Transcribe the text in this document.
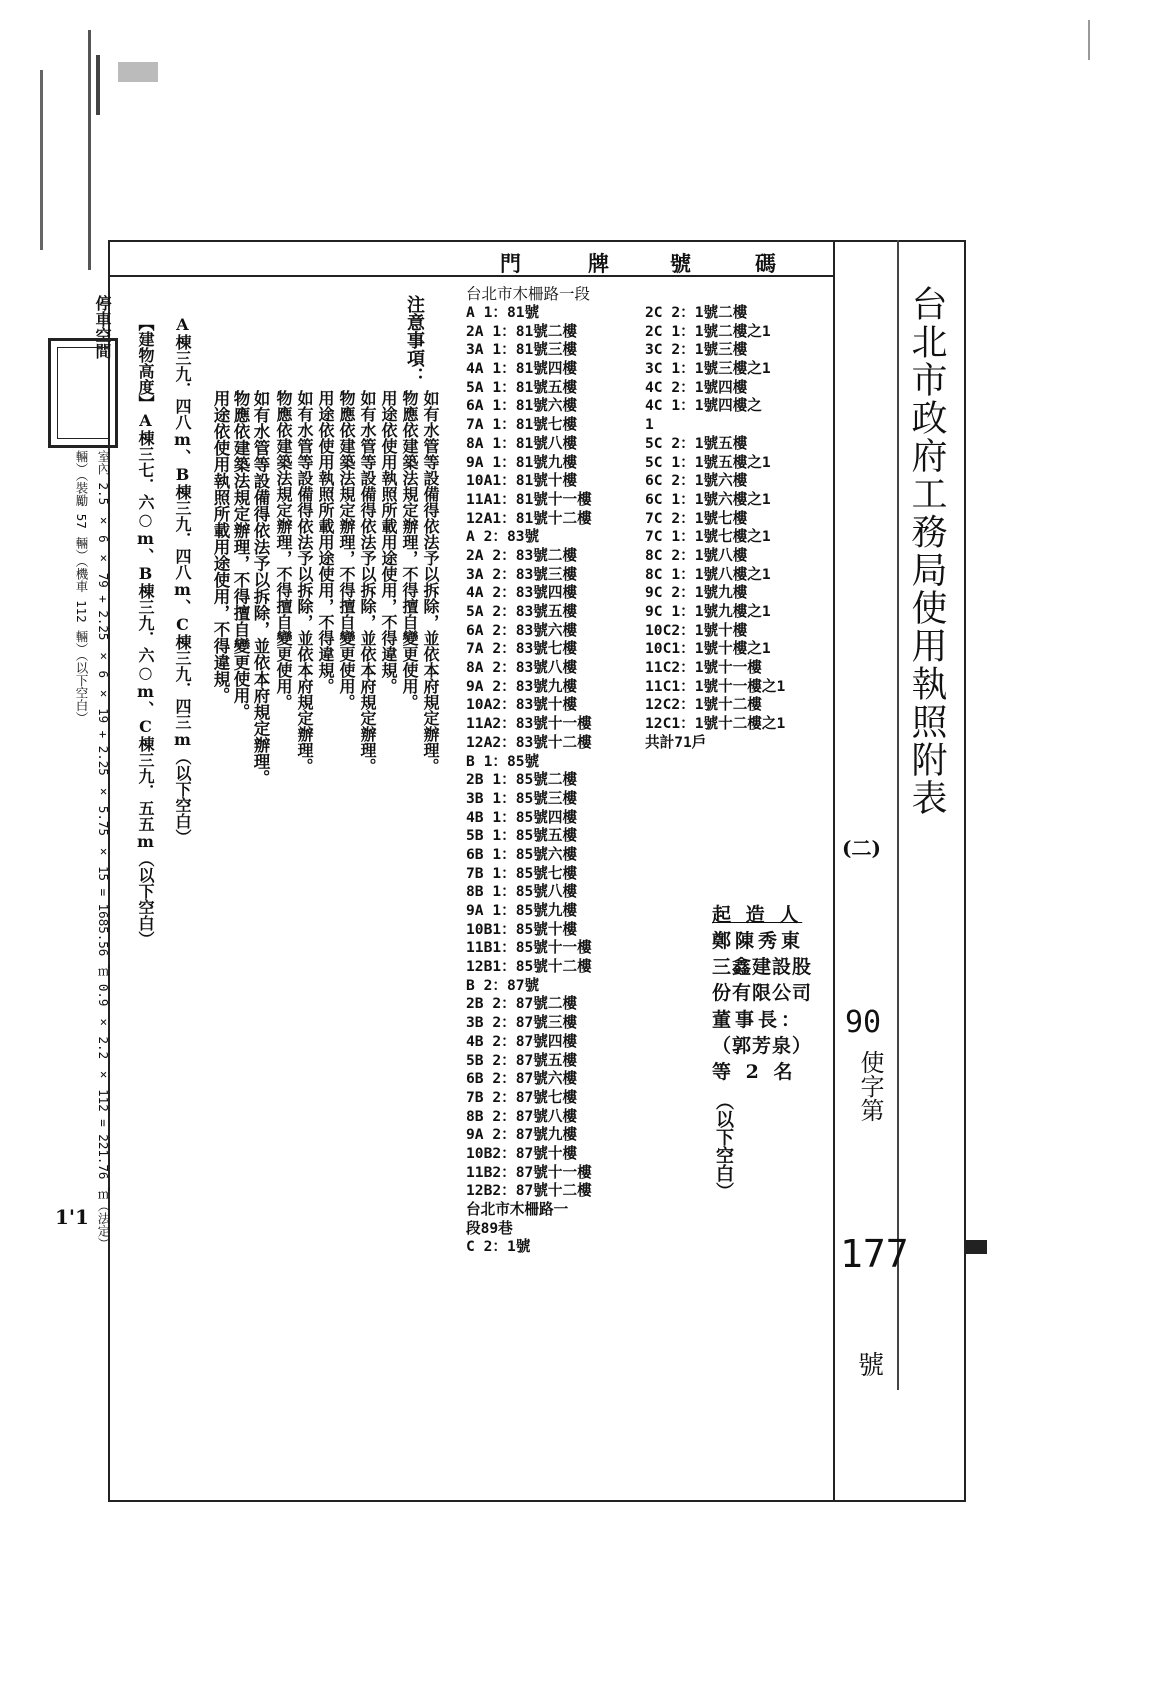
門	牌	號	碼
台北市政府工務局使用執照附表
(二)
90
使字第
177
號
台北市木柵路一段
A 1：81號
2A 1：81號二樓
3A 1：81號三樓
4A 1：81號四樓
5A 1：81號五樓
6A 1：81號六樓
7A 1：81號七樓
8A 1：81號八樓
9A 1：81號九樓
10A1：81號十樓
11A1：81號十一樓
12A1：81號十二樓
A 2：83號
2A 2：83號二樓
3A 2：83號三樓
4A 2：83號四樓
5A 2：83號五樓
6A 2：83號六樓
7A 2：83號七樓
8A 2：83號八樓
9A 2：83號九樓
10A2：83號十樓
11A2：83號十一樓
12A2：83號十二樓
B 1：85號
2B 1：85號二樓
3B 1：85號三樓
4B 1：85號四樓
5B 1：85號五樓
6B 1：85號六樓
7B 1：85號七樓
8B 1：85號八樓
9A 1：85號九樓
10B1：85號十樓
11B1：85號十一樓
12B1：85號十二樓
B 2：87號
2B 2：87號二樓
3B 2：87號三樓
4B 2：87號四樓
5B 2：87號五樓
6B 2：87號六樓
7B 2：87號七樓
8B 2：87號八樓
9A 2：87號九樓
10B2：87號十樓
11B2：87號十一樓
12B2：87號十二樓
台北市木柵路一
段89巷
C 2：1號
2C 2：1號二樓
2C 1：1號二樓之1
3C 2：1號三樓
3C 1：1號三樓之1
4C 2：1號四樓
4C 1：1號四樓之
1
5C 2：1號五樓
5C 1：1號五樓之1
6C 2：1號六樓
6C 1：1號六樓之1
7C 2：1號七樓
7C 1：1號七樓之1
8C 2：1號八樓
8C 1：1號八樓之1
9C 2：1號九樓
9C 1：1號九樓之1
10C2：1號十樓
10C1：1號十樓之1
11C2：1號十一樓
11C1：1號十一樓之1
12C2：1號十二樓
12C1：1號十二樓之1
共計71戶
起 造 人
鄭陳秀東
三鑫建設股
份有限公司
董事長：
（郭芳泉）
等 2 名
（以下空白）
注意事項：
如有水管等設備得依法予以拆除，並依本府規定辦理。
物應依建築法規定辦理，不得擅自變更使用。
用途依使用執照所載用途使用，不得違規。	如有水管等設備得依法予以拆除，並依本府規定辦理。
物應依建築法規定辦理，不得擅自變更使用。
用途依使用執照所載用途使用，不得違規。
如有水管等設備得依法予以拆除，並依本府規定辦理。
物應依建築法規定辦理，不得擅自變更使用。
用途依使用執照所載用途使用，不得違規。
如有水管等設備得依法予以拆除，並依本府規定辦理。
物應依建築法規定辦理，不得擅自變更使用。
A棟三九．四八m、B棟三九．四八m、C棟三九．四三m（以下空白）
【建物高度】A棟三七．六○m、B棟三九．六○m、C棟三九．五五m（以下空白）
停車空間
室內 2.5 × 6 × 79 + 2.25 × 6 × 19 + 2.25 × 5.75 × 15 = 1685.56 ㎡ 0.9 × 2.2 × 112 = 221.76 ㎡（法定）
輛）（裝勵 57 輛）（機車 112 輛）（以下空白）
1'1
